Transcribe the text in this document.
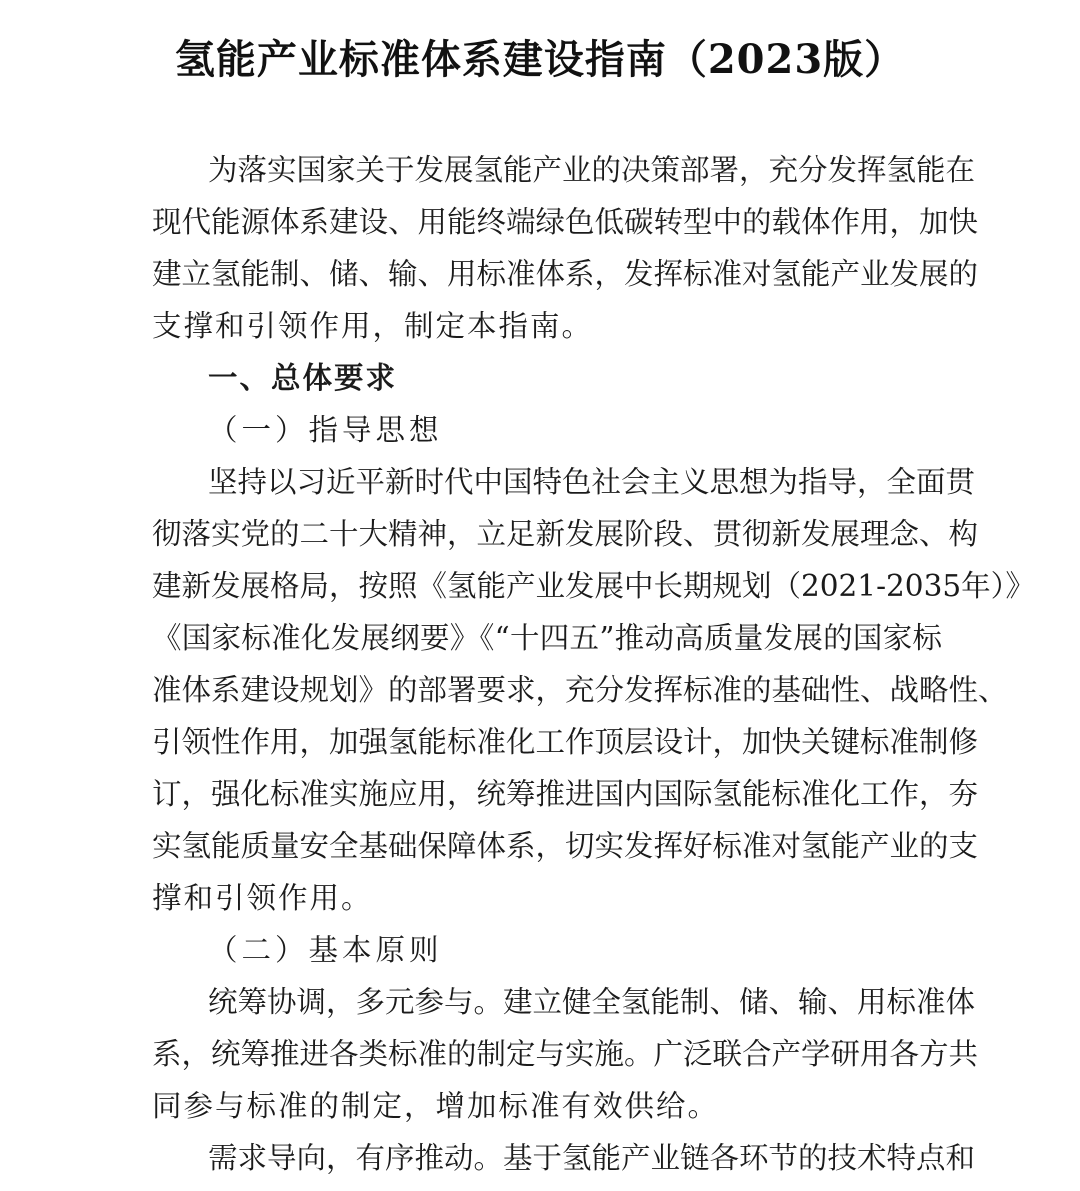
氢能产业标准体系建设指南（2023版）
为落实国家关于发展氢能产业的决策部署，充分发挥氢能在
现代能源体系建设、用能终端绿色低碳转型中的载体作用，加快
建立氢能制、储、输、用标准体系，发挥标准对氢能产业发展的
支撑和引领作用，制定本指南。
一、总体要求
（一）指导思想
坚持以习近平新时代中国特色社会主义思想为指导，全面贯
彻落实党的二十大精神，立足新发展阶段、贯彻新发展理念、构
建新发展格局，按照《氢能产业发展中长期规划（2021-2035年）》
《国家标准化发展纲要》《“十四五”推动高质量发展的国家标
准体系建设规划》的部署要求，充分发挥标准的基础性、战略性、
引领性作用，加强氢能标准化工作顶层设计，加快关键标准制修
订，强化标准实施应用，统筹推进国内国际氢能标准化工作，夯
实氢能质量安全基础保障体系，切实发挥好标准对氢能产业的支
撑和引领作用。
（二）基本原则
统筹协调，多元参与。建立健全氢能制、储、输、用标准体
系，统筹推进各类标准的制定与实施。广泛联合产学研用各方共
同参与标准的制定，增加标准有效供给。
需求导向，有序推动。基于氢能产业链各环节的技术特点和
